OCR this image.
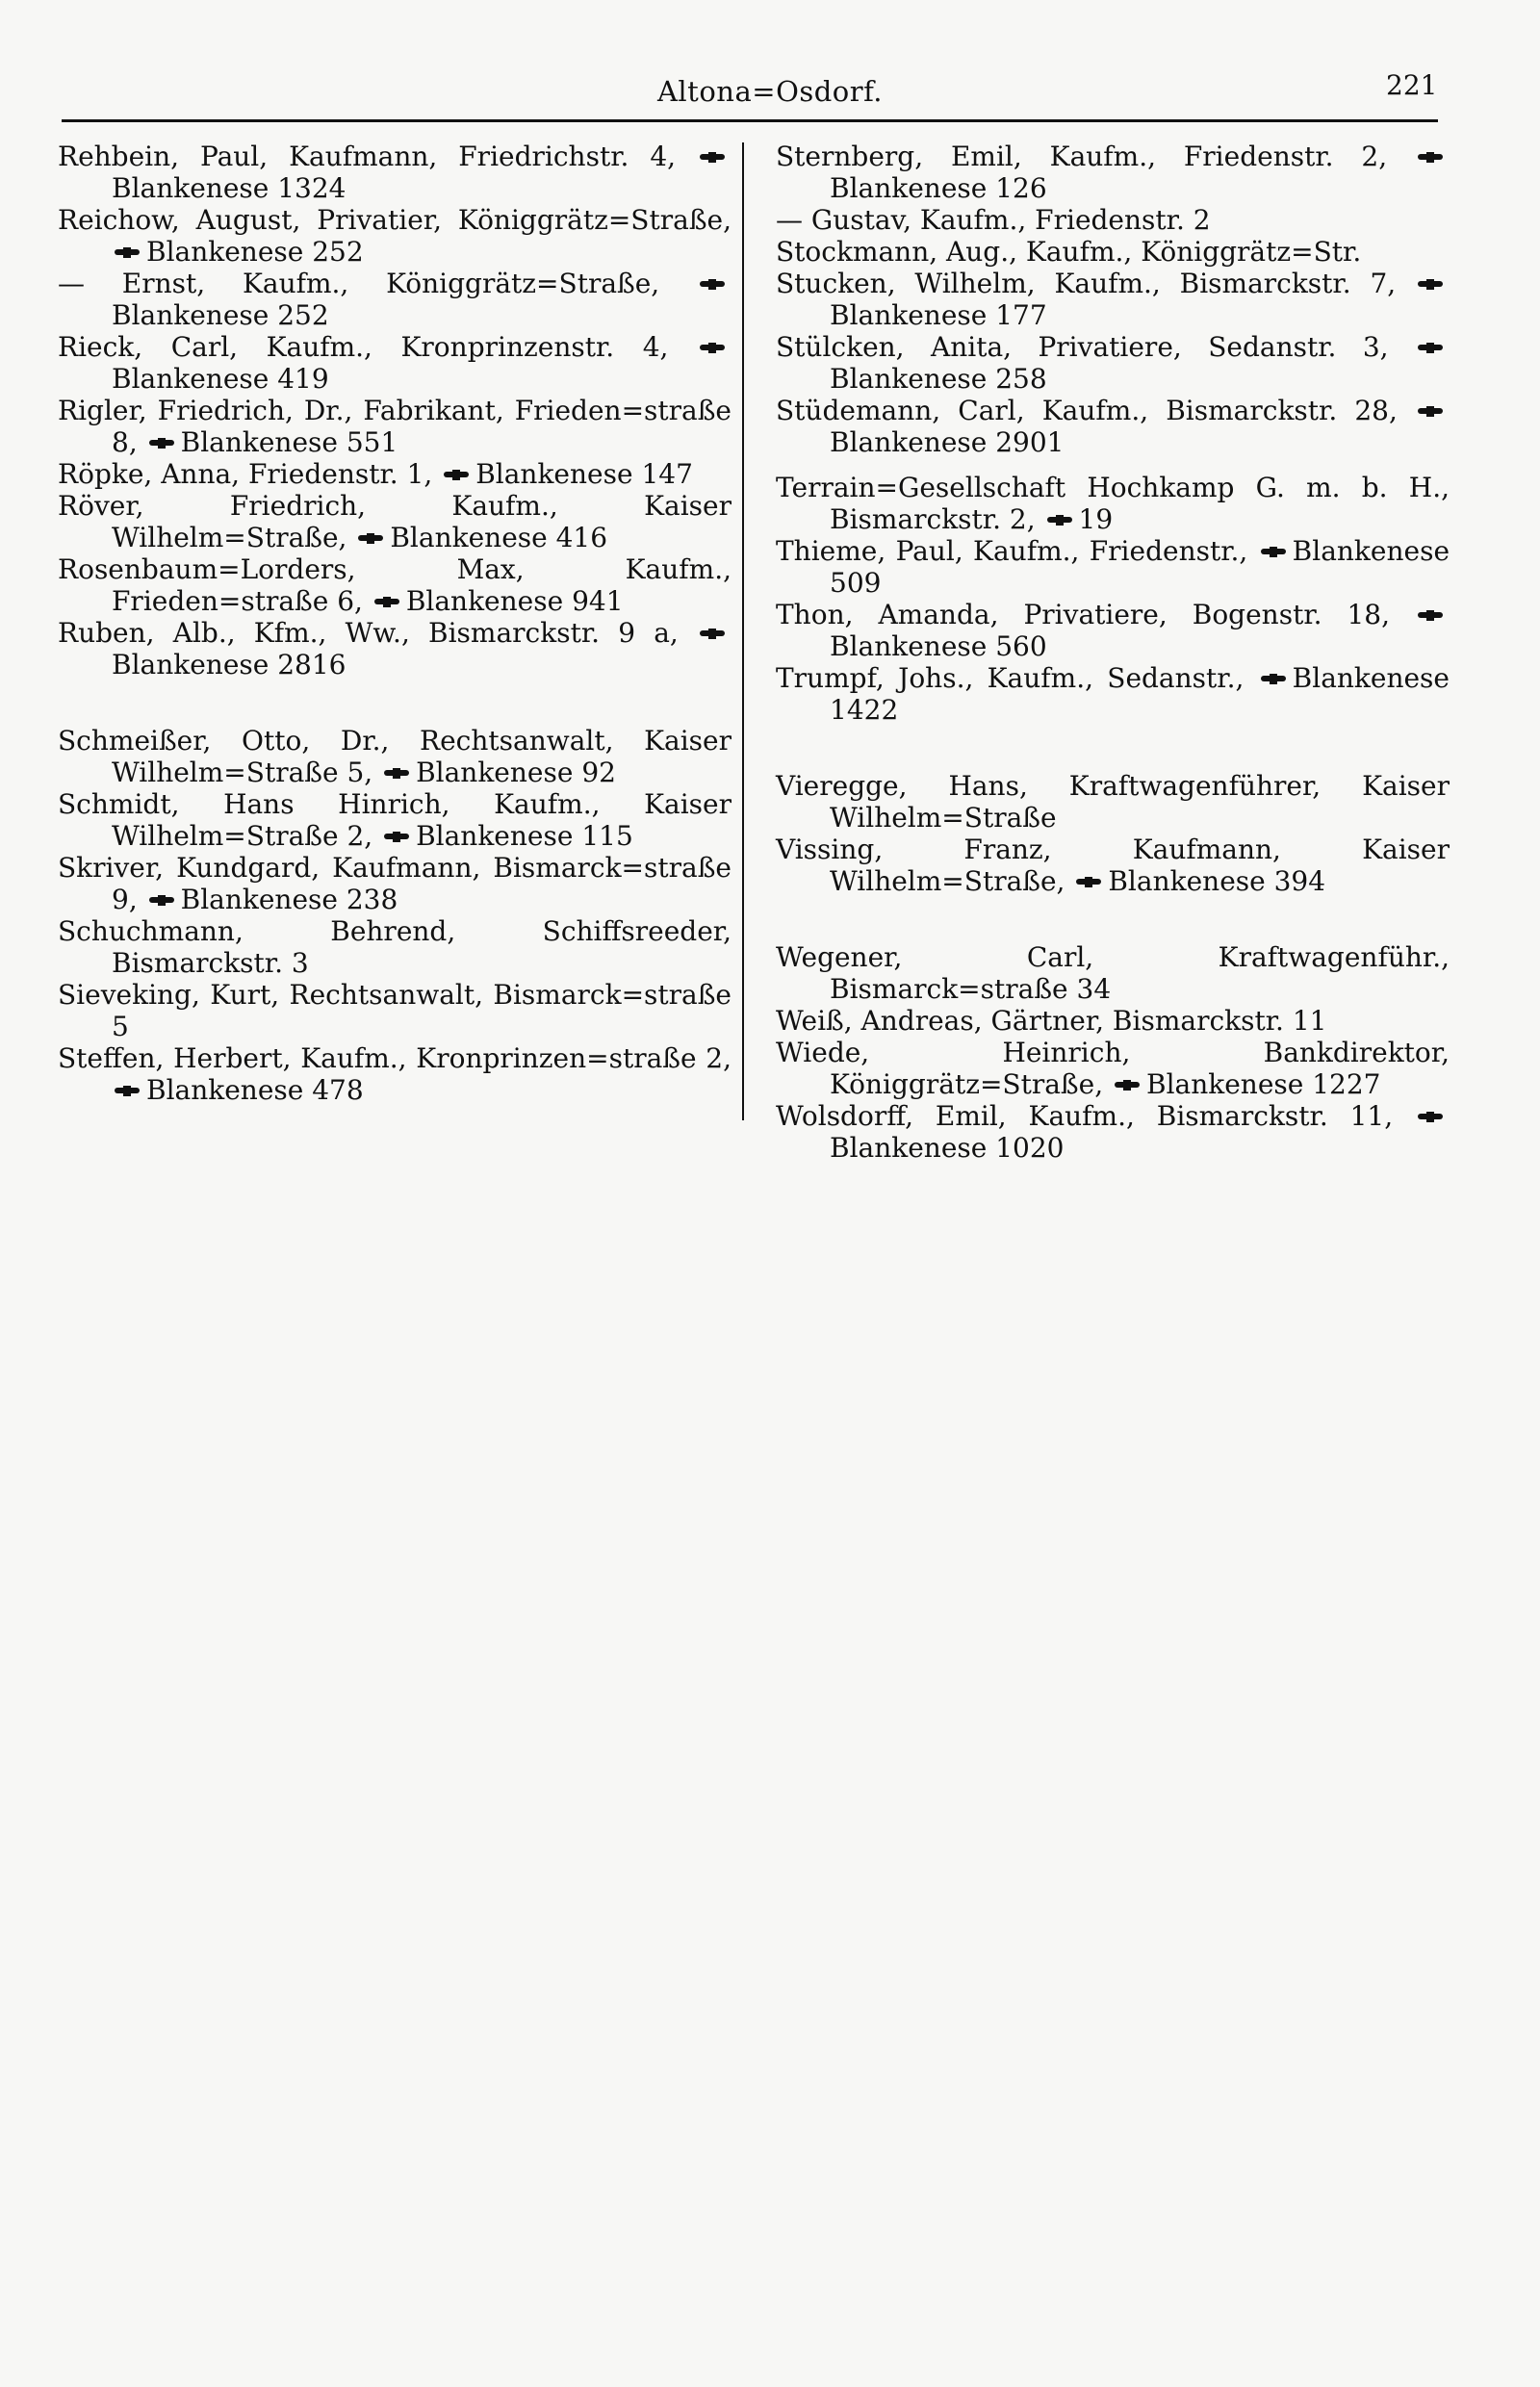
Altona=Osdorf.	221
Rehbein, Paul, Kaufmann, Friedrichstr. 4, Blankenese 1324
Reichow, August, Privatier, Königgrätz=Straße, Blankenese 252
— Ernst, Kaufm., Königgrätz=Straße, Blankenese 252
Rieck, Carl, Kaufm., Kronprinzenstr. 4, Blankenese 419
Rigler, Friedrich, Dr., Fabrikant, Frieden=straße 8, Blankenese 551
Röpke, Anna, Friedenstr. 1, Blankenese 147
Röver, Friedrich, Kaufm., Kaiser Wilhelm=Straße, Blankenese 416
Rosenbaum=Lorders, Max, Kaufm., Frieden=straße 6, Blankenese 941
Ruben, Alb., Kfm., Ww., Bismarckstr. 9 a, Blankenese 2816
Schmeißer, Otto, Dr., Rechtsanwalt, Kaiser Wilhelm=Straße 5, Blankenese 92
Schmidt, Hans Hinrich, Kaufm., Kaiser Wilhelm=Straße 2, Blankenese 115
Skriver, Kundgard, Kaufmann, Bismarck=straße 9, Blankenese 238
Schuchmann, Behrend, Schiffsreeder, Bismarckstr. 3
Sieveking, Kurt, Rechtsanwalt, Bismarck=straße 5
Steffen, Herbert, Kaufm., Kronprinzen=straße 2, Blankenese 478
Sternberg, Emil, Kaufm., Friedenstr. 2, Blankenese 126
— Gustav, Kaufm., Friedenstr. 2
Stockmann, Aug., Kaufm., Königgrätz=Str.
Stucken, Wilhelm, Kaufm., Bismarckstr. 7, Blankenese 177
Stülcken, Anita, Privatiere, Sedanstr. 3, Blankenese 258
Stüdemann, Carl, Kaufm., Bismarckstr. 28, Blankenese 2901
Terrain=Gesellschaft Hochkamp G. m. b. H., Bismarckstr. 2, 19
Thieme, Paul, Kaufm., Friedenstr., Blankenese 509
Thon, Amanda, Privatiere, Bogenstr. 18, Blankenese 560
Trumpf, Johs., Kaufm., Sedanstr., Blankenese 1422
Vieregge, Hans, Kraftwagenführer, Kaiser Wilhelm=Straße
Vissing, Franz, Kaufmann, Kaiser Wilhelm=Straße, Blankenese 394
Wegener, Carl, Kraftwagenführ., Bismarck=straße 34
Weiß, Andreas, Gärtner, Bismarckstr. 11
Wiede, Heinrich, Bankdirektor, Königgrätz=Straße, Blankenese 1227
Wolsdorff, Emil, Kaufm., Bismarckstr. 11, Blankenese 1020
